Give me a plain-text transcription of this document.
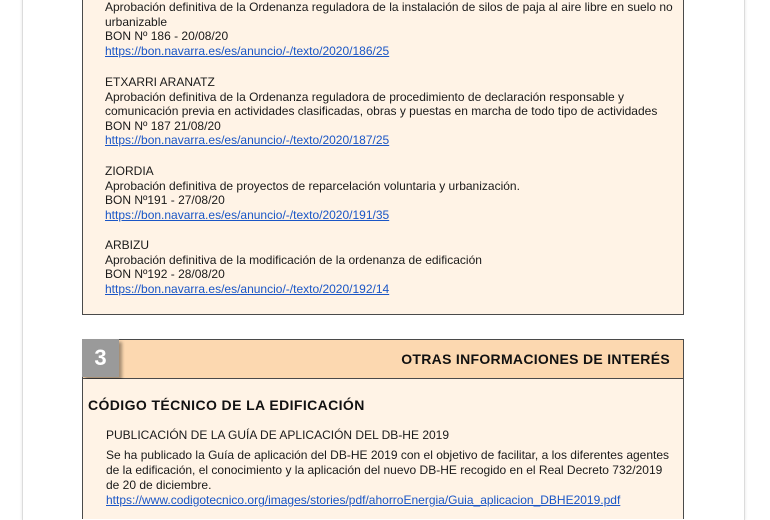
Aprobación definitiva de la Ordenanza reguladora de la instalación de silos de paja al aire libre en suelo no urbanizable
BON Nº 186 - 20/08/20
https://bon.navarra.es/es/anuncio/-/texto/2020/186/25
ETXARRI ARANATZ
Aprobación definitiva de la Ordenanza reguladora de procedimiento de declaración responsable y comunicación previa en actividades clasificadas, obras y puestas en marcha de todo tipo de actividades
BON Nº 187 21/08/20
https://bon.navarra.es/es/anuncio/-/texto/2020/187/25
ZIORDIA
Aprobación definitiva de proyectos de reparcelación voluntaria y urbanización.
BON Nº191 - 27/08/20
https://bon.navarra.es/es/anuncio/-/texto/2020/191/35
ARBIZU
Aprobación definitiva de la modificación de la ordenanza de edificación
BON Nº192 - 28/08/20
https://bon.navarra.es/es/anuncio/-/texto/2020/192/14
3	OTRAS INFORMACIONES DE INTERÉS
CÓDIGO TÉCNICO DE LA EDIFICACIÓN
PUBLICACIÓN DE LA GUÍA DE APLICACIÓN DEL DB-HE 2019
Se ha publicado la Guía de aplicación del DB-HE 2019 con el objetivo de facilitar, a los diferentes agentes de la edificación, el conocimiento y la aplicación del nuevo DB-HE recogido en el Real Decreto 732/2019 de 20 de diciembre.
https://www.codigotecnico.org/images/stories/pdf/ahorroEnergia/Guia_aplicacion_DBHE2019.pdf
